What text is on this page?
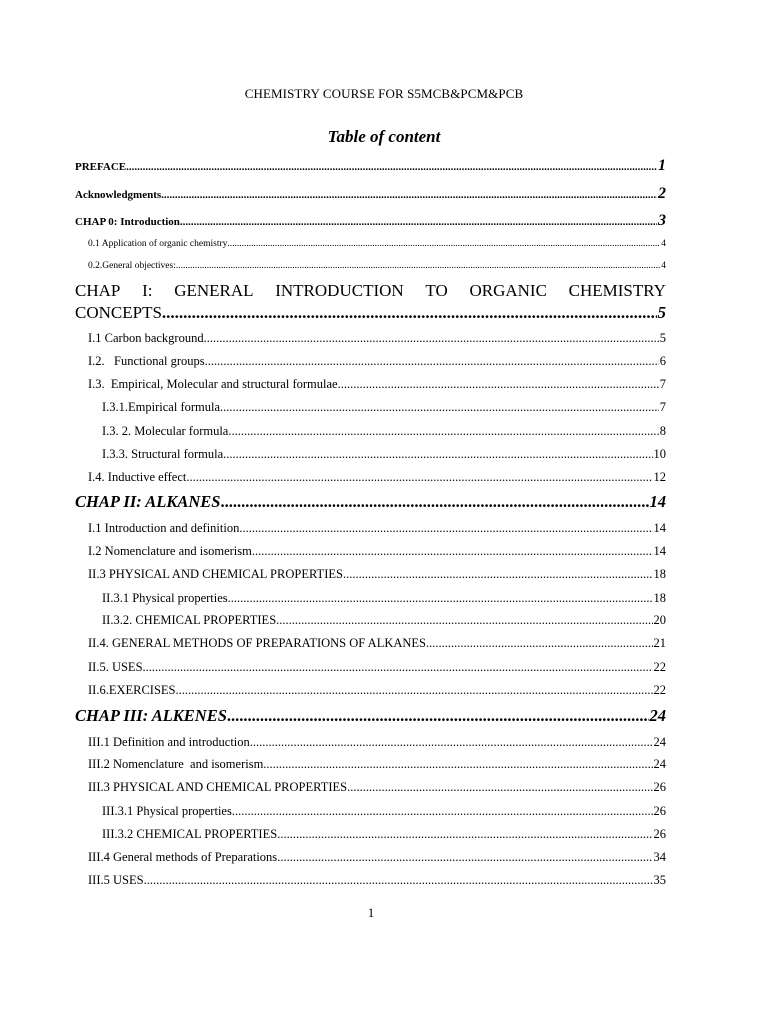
CHEMISTRY COURSE FOR S5MCB&PCM&PCB
Table of content
PREFACE .....	1
Acknowledgments .....	2
CHAP 0: Introduction .....	3
0.1 Application of organic chemistry .....	4
0.2.General objectives: .....	4
CHAP I: GENERAL INTRODUCTION TO ORGANIC CHEMISTRY
CONCEPTS .....	5
I.1 Carbon background .....	5
I.2.   Functional groups .....	6
I.3.  Empirical, Molecular and structural formulae .....	7
I.3.1.Empirical formula .....	7
I.3. 2. Molecular formula .....	8
I.3.3. Structural formula .....	10
I.4. Inductive effect .....	12
CHAP II: ALKANES .....	14
I.1 Introduction and definition .....	14
I.2 Nomenclature and isomerism .....	14
II.3 PHYSICAL AND CHEMICAL PROPERTIES .....	18
II.3.1 Physical properties .....	18
II.3.2. CHEMICAL PROPERTIES .....	20
II.4. GENERAL METHODS OF PREPARATIONS OF ALKANES .....	21
II.5. USES .....	22
II.6.EXERCISES .....	22
CHAP III: ALKENES .....	24
III.1 Definition and introduction .....	24
III.2 Nomenclature  and isomerism .....	24
III.3 PHYSICAL AND CHEMICAL PROPERTIES .....	26
III.3.1 Physical properties .....	26
III.3.2 CHEMICAL PROPERTIES .....	26
III.4 General methods of Preparations .....	34
III.5 USES .....	35
1
